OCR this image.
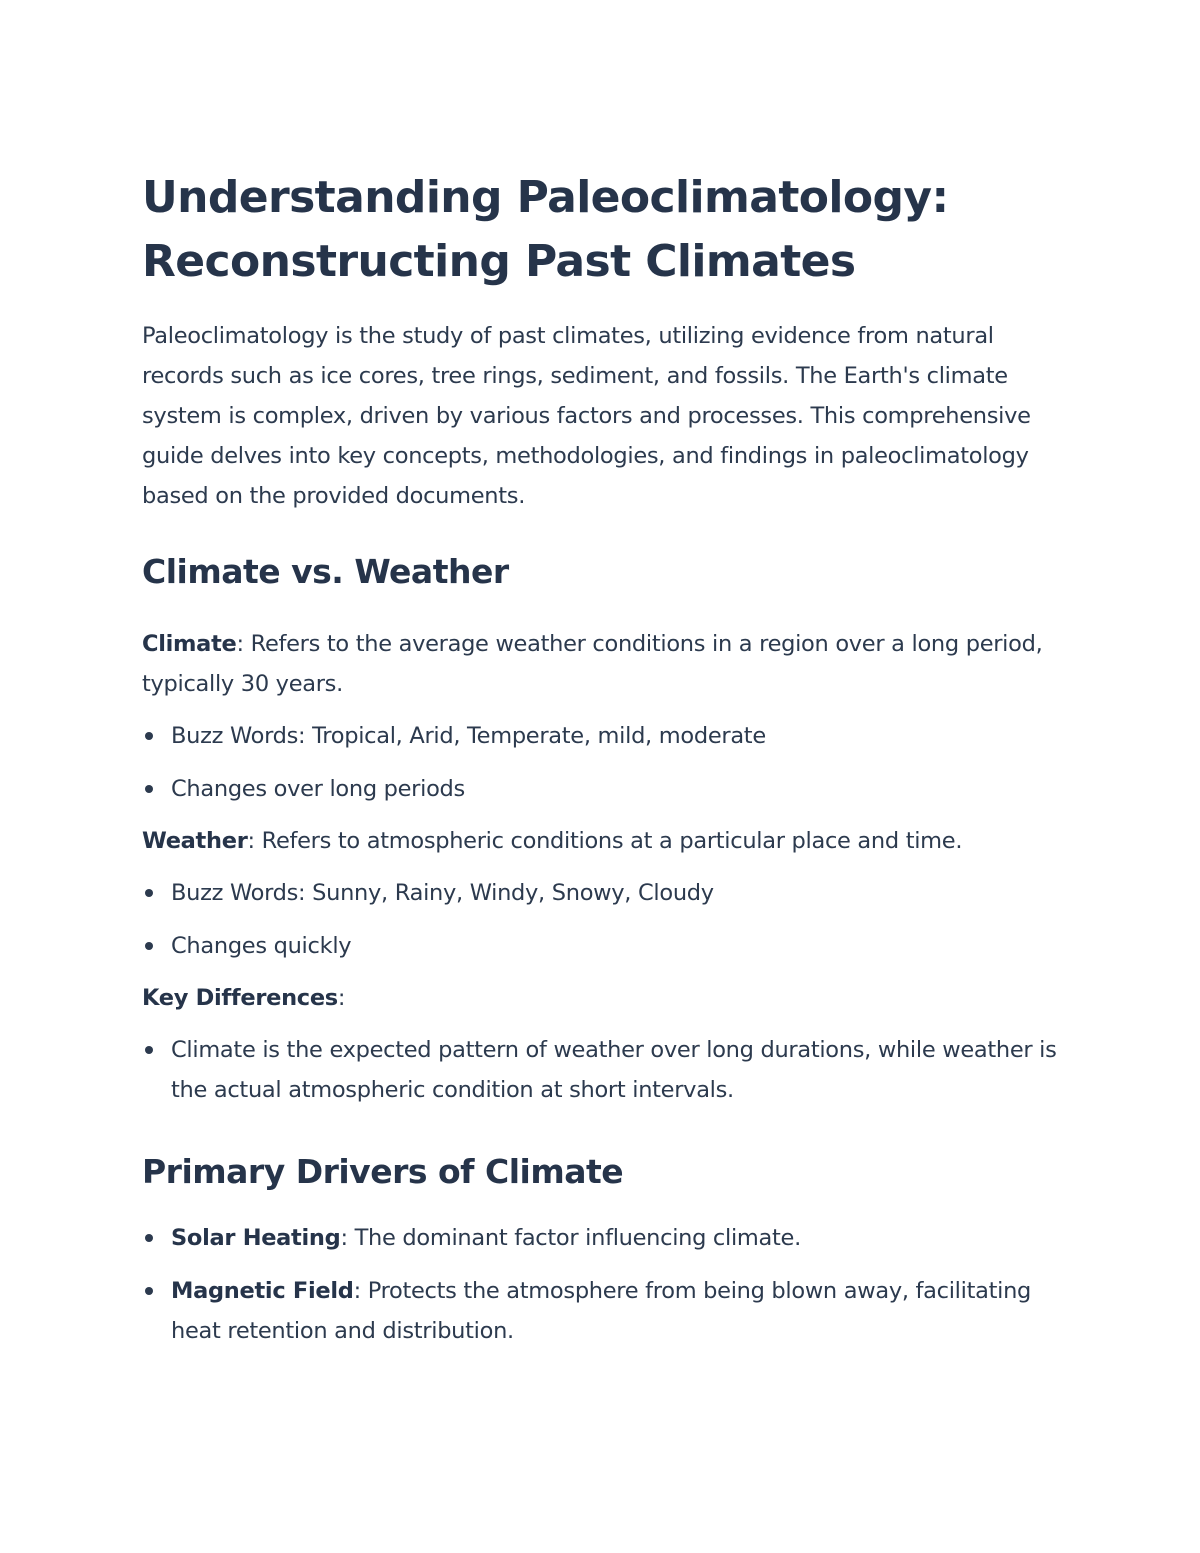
Understanding Paleoclimatology: Reconstructing Past Climates

Paleoclimatology is the study of past climates, utilizing evidence from natural records such as ice cores, tree rings, sediment, and fossils. The Earth's climate system is complex, driven by various factors and processes. This comprehensive guide delves into key concepts, methodologies, and findings in paleoclimatology based on the provided documents.

Climate vs. Weather

Climate: Refers to the average weather conditions in a region over a long period, typically 30 years.

Buzz Words: Tropical, Arid, Temperate, mild, moderate
Changes over long periods

Weather: Refers to atmospheric conditions at a particular place and time.

Buzz Words: Sunny, Rainy, Windy, Snowy, Cloudy
Changes quickly

Key Differences:

Climate is the expected pattern of weather over long durations, while weather is the actual atmospheric condition at short intervals.
Primary Drivers of Climate
Solar Heating: The dominant factor influencing climate.
Magnetic Field: Protects the atmosphere from being blown away, facilitating heat retention and distribution.
